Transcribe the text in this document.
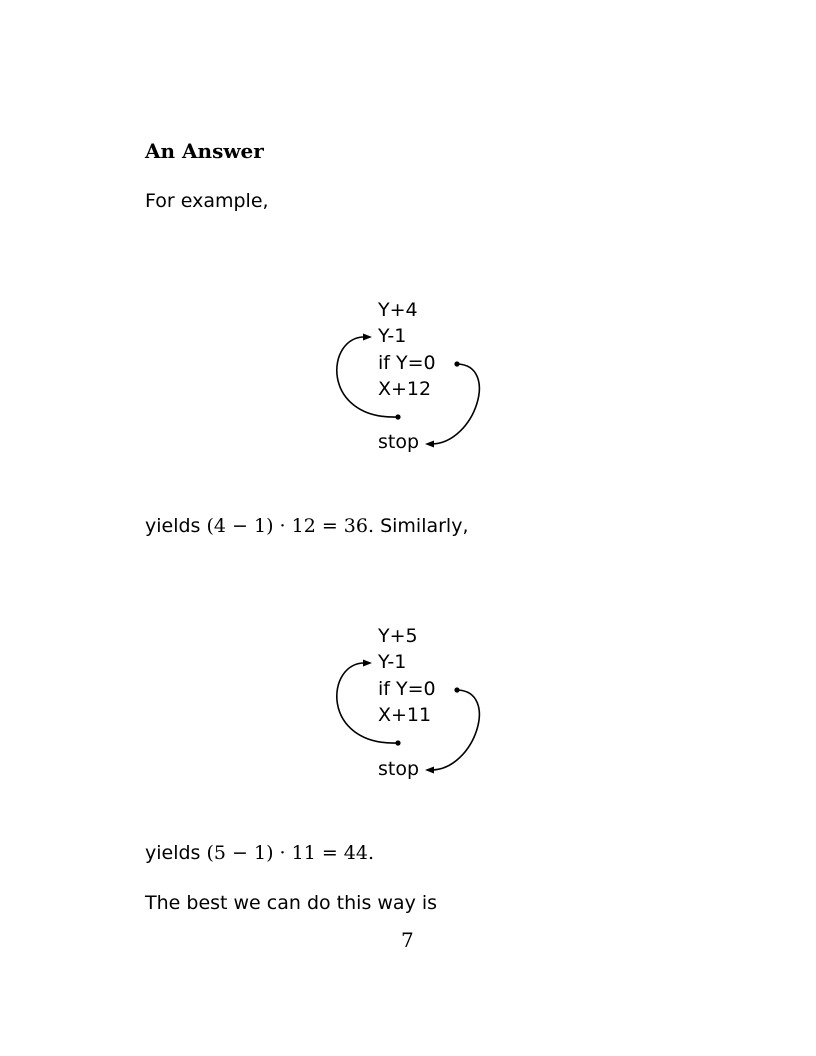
An Answer
For example,
Y+4
Y-1
if Y=0
X+12
stop
yields (4 − 1) · 12 = 36. Similarly,
Y+5
Y-1
if Y=0
X+11
stop
yields (5 − 1) · 11 = 44.
The best we can do this way is
7
